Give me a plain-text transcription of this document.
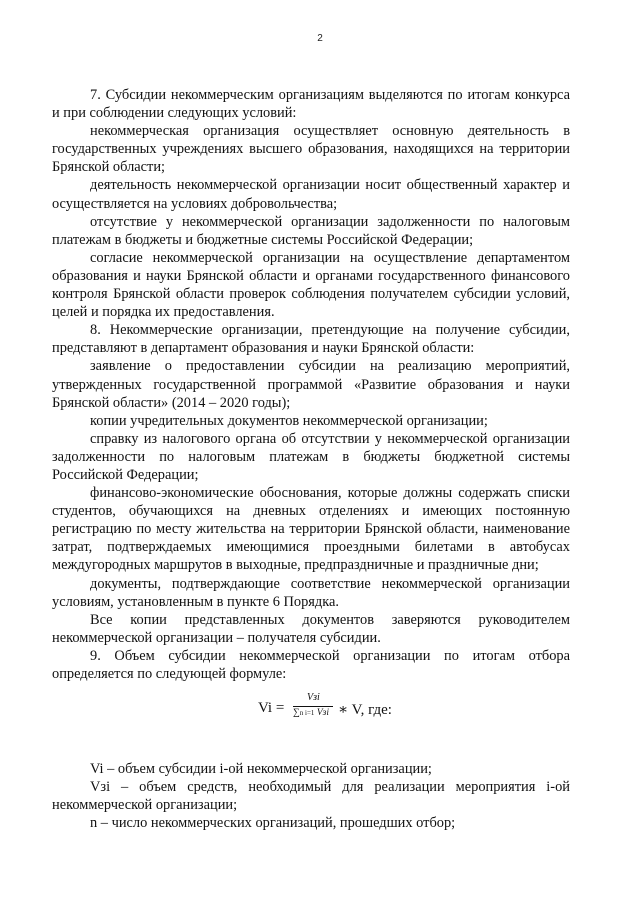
2

7. Субсидии некоммерческим организациям выделяются по итогам конкурса и при соблюдении следующих условий:

некоммерческая организация осуществляет основную деятельность в государственных учреждениях высшего образования, находящихся на территории Брянской области;

деятельность некоммерческой организации носит общественный характер и осуществляется на условиях добровольчества;

отсутствие у некоммерческой организации задолженности по налоговым платежам в бюджеты и бюджетные системы Российской Федерации;

согласие некоммерческой организации на осуществление департаментом образования и науки Брянской области и органами государственного финансового контроля Брянской области проверок соблюдения получателем субсидии условий, целей и порядка их предоставления.

8. Некоммерческие организации, претендующие на получение субсидии, представляют в департамент образования и науки Брянской области:

заявление о предоставлении субсидии на реализацию мероприятий, утвержденных государственной программой «Развитие образования и науки Брянской области» (2014 – 2020 годы);

копии учредительных документов некоммерческой организации;

справку из налогового органа об отсутствии у некоммерческой организации задолженности по налоговым платежам в бюджеты бюджетной системы Российской Федерации;

финансово-экономические обоснования, которые должны содержать списки студентов, обучающихся на дневных отделениях и имеющих постоянную регистрацию по месту жительства на территории Брянской области, наименование затрат, подтверждаемых имеющимися проездными билетами в автобусах междугородных маршрутов в выходные, предпраздничные и праздничные дни;

документы, подтверждающие соответствие некоммерческой организации условиям, установленным в пункте 6 Порядка.

Все копии представленных документов заверяются руководителем некоммерческой организации – получателя субсидии.

9. Объем субсидии некоммерческой организации по итогам отбора определяется по следующей формуле:

Vi =
Vзi
∑n i=1 Vзi ∗ V, где:

Vi – объем субсидии i-ой некоммерческой организации;

Vзi – объем средств, необходимый для реализации мероприятия i-ой некоммерческой организации;

n – число некоммерческих организаций, прошедших отбор;
